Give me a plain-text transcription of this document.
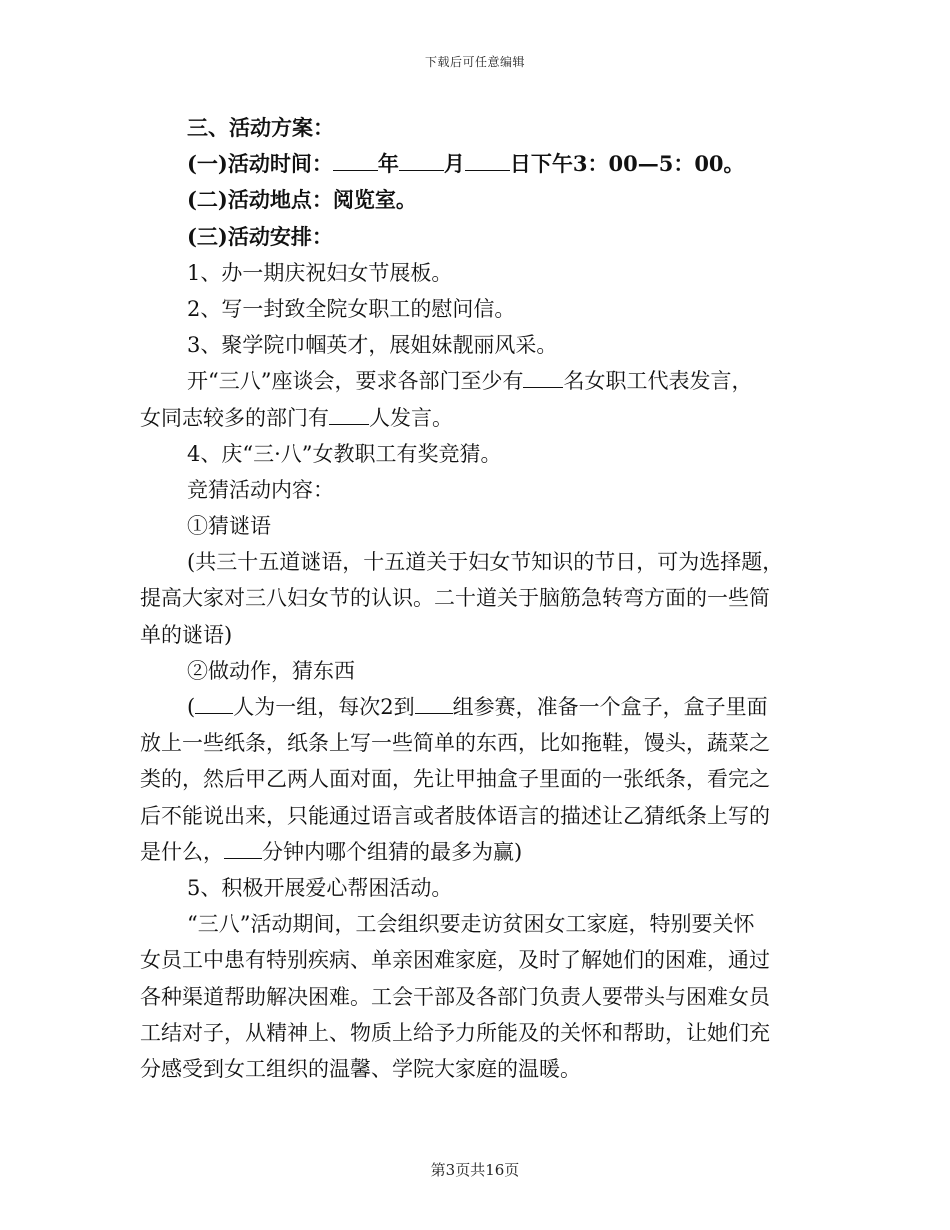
下载后可任意编辑
三、活动方案：
(一)活动时间： 年 月 日下午3：00—5：00。
(二)活动地点：阅览室。
(三)活动安排：
1、办一期庆祝妇女节展板。
2、写一封致全院女职工的慰问信。
3、聚学院巾帼英才，展姐妹靓丽风采。
开“三八”座谈会，要求各部门至少有 名女职工代表发言，
女同志较多的部门有 人发言。
4、庆“三·八”女教职工有奖竞猜。
竞猜活动内容：
①猜谜语
(共三十五道谜语，十五道关于妇女节知识的节日，可为选择题，
提高大家对三八妇女节的认识。二十道关于脑筋急转弯方面的一些简
单的谜语)
②做动作，猜东西
( 人为一组，每次2到 组参赛，准备一个盒子，盒子里面
放上一些纸条，纸条上写一些简单的东西，比如拖鞋，馒头，蔬菜之
类的，然后甲乙两人面对面，先让甲抽盒子里面的一张纸条，看完之
后不能说出来，只能通过语言或者肢体语言的描述让乙猜纸条上写的
是什么， 分钟内哪个组猜的最多为赢)
5、积极开展爱心帮困活动。
“三八”活动期间，工会组织要走访贫困女工家庭，特别要关怀
女员工中患有特别疾病、单亲困难家庭，及时了解她们的困难，通过
各种渠道帮助解决困难。工会干部及各部门负责人要带头与困难女员
工结对子，从精神上、物质上给予力所能及的关怀和帮助，让她们充
分感受到女工组织的温馨、学院大家庭的温暖。
第3页共16页
